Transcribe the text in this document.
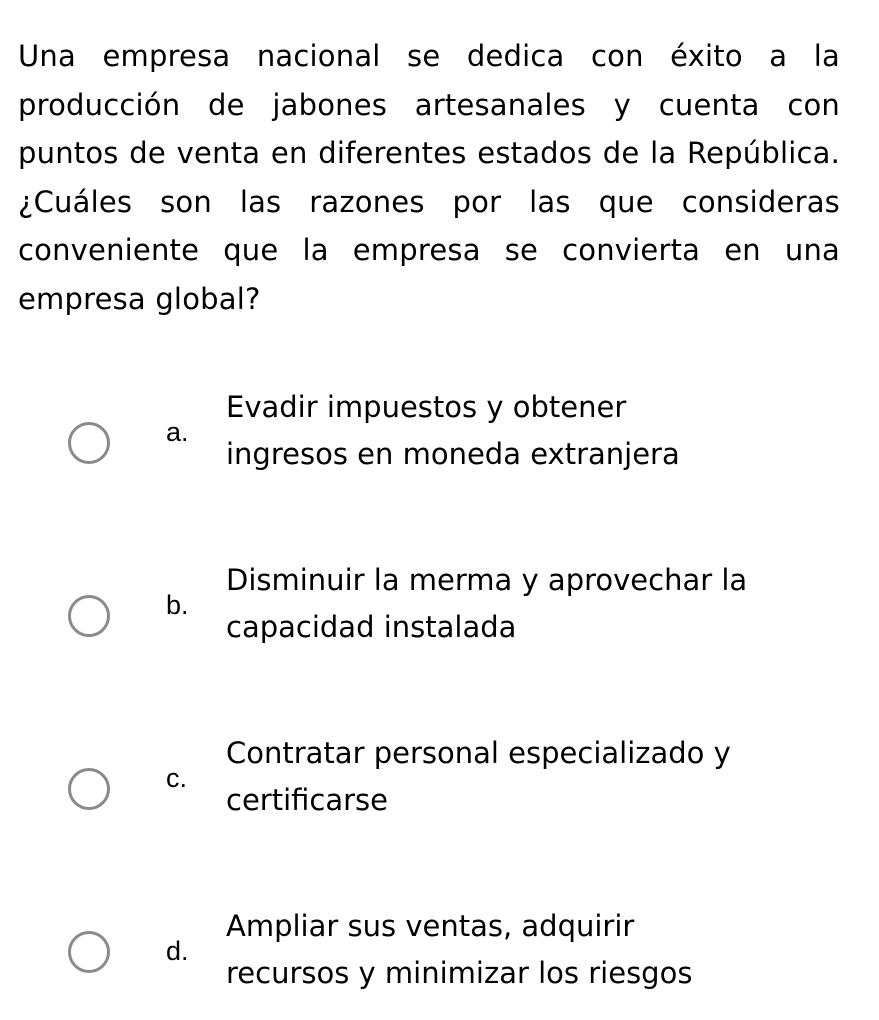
Una empresa nacional se dedica con éxito a la producción de jabones artesanales y cuenta con puntos de venta en diferentes estados de la República. ¿Cuáles son las razones por las que consideras conveniente que la empresa se convierta en una empresa global?

a.

Evadir impuestos y obtener ingresos en moneda extranjera

b.

Disminuir la merma y aprovechar la capacidad instalada

c.

Contratar personal especializado y certificarse

d.

Ampliar sus ventas, adquirir recursos y minimizar los riesgos
